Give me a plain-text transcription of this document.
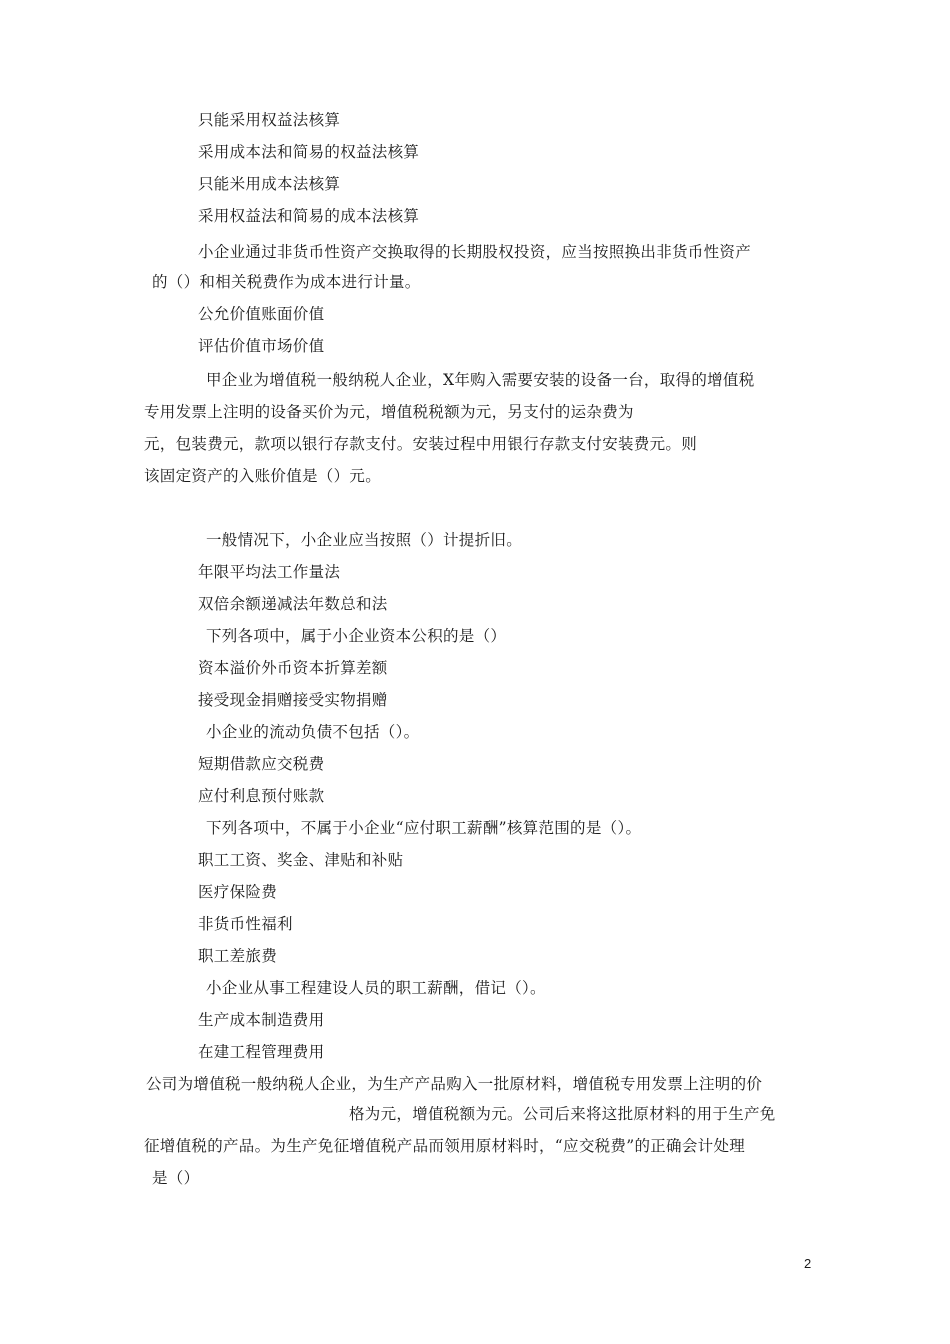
只能采用权益法核算
采用成本法和简易的权益法核算
只能米用成本法核算
采用权益法和简易的成本法核算
小企业通过非货币性资产交换取得的长期股权投资，应当按照换出非货币性资产
的（）和相关税费作为成本进行计量。
公允价值账面价值
评估价值市场价值
甲企业为增值税一般纳税人企业，X年购入需要安装的设备一台，取得的增值税
专用发票上注明的设备买价为元，增值税税额为元，另支付的运杂费为
元，包装费元，款项以银行存款支付。安装过程中用银行存款支付安装费元。则
该固定资产的入账价值是（）元。
一般情况下，小企业应当按照（）计提折旧。
年限平均法工作量法
双倍余额递减法年数总和法
下列各项中，属于小企业资本公积的是（）
资本溢价外币资本折算差额
接受现金捐赠接受实物捐赠
小企业的流动负债不包括（）。
短期借款应交税费
应付利息预付账款
下列各项中，不属于小企业“应付职工薪酬”核算范围的是（）。
职工工资、奖金、津贴和补贴
医疗保险费
非货币性福利
职工差旅费
小企业从事工程建设人员的职工薪酬，借记（）。
生产成本制造费用
在建工程管理费用
公司为增值税一般纳税人企业，为生产产品购入一批原材料，增值税专用发票上注明的价
格为元，增值税额为元。公司后来将这批原材料的用于生产免
征增值税的产品。为生产免征增值税产品而领用原材料时，“应交税费”的正确会计处理
是（）
2
